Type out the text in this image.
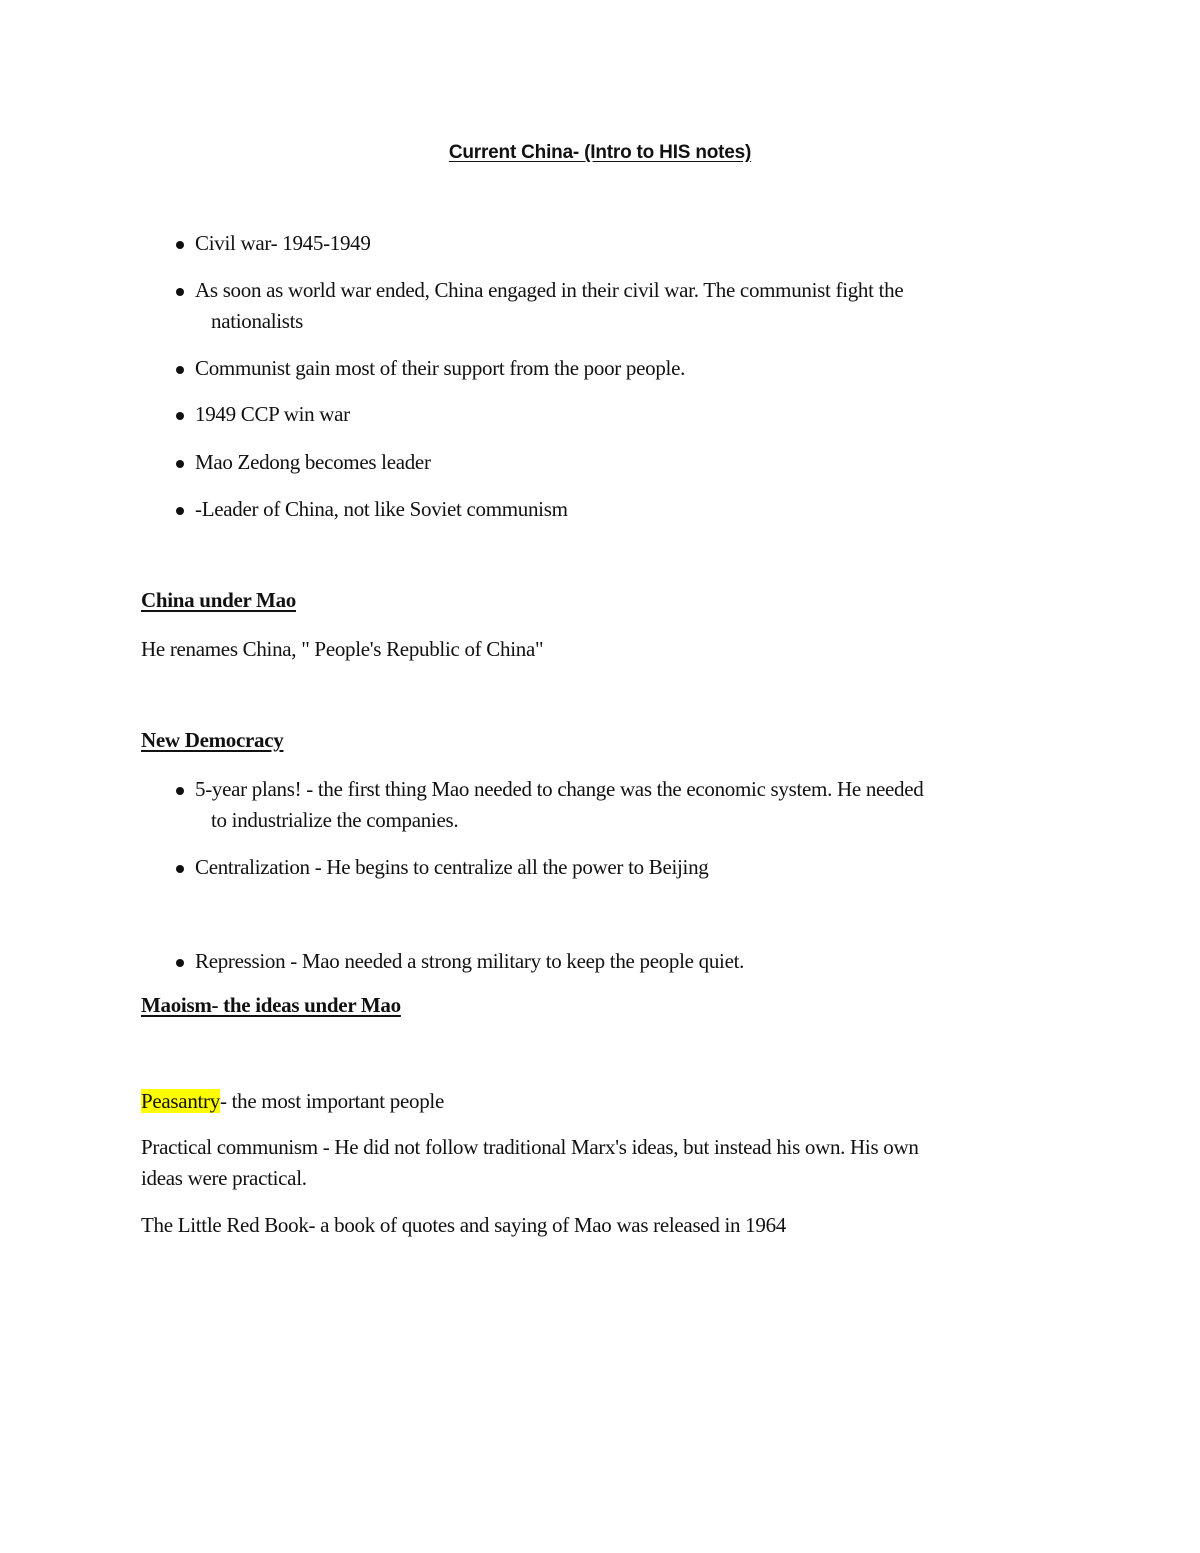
Current China- (Intro to HIS notes)
Civil war- 1945-1949
As soon as world war ended, China engaged in their civil war. The communist fight the
nationalists
Communist gain most of their support from the poor people.
1949 CCP win war
Mao Zedong becomes leader
-Leader of China, not like Soviet communism
China under Mao
He renames China, " People's Republic of China"
New Democracy
5-year plans! - the first thing Mao needed to change was the economic system. He needed
to industrialize the companies.
Centralization - He begins to centralize all the power to Beijing
Repression - Mao needed a strong military to keep the people quiet.
Maoism- the ideas under Mao
Peasantry- the most important people
Practical communism - He did not follow traditional Marx's ideas, but instead his own. His own
ideas were practical.
The Little Red Book- a book of quotes and saying of Mao was released in 1964
